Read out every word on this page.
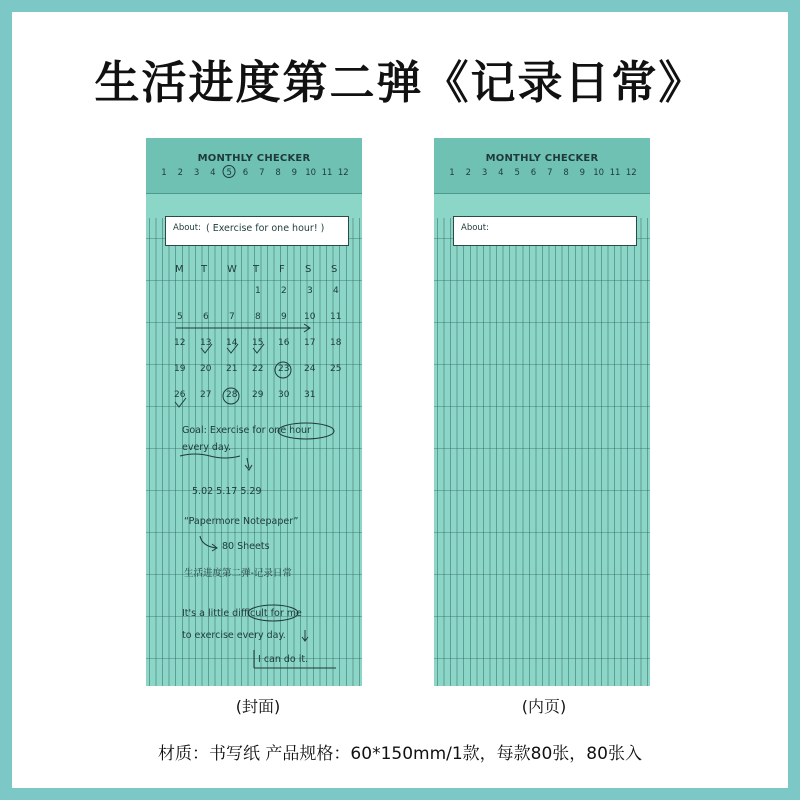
生活进度第二弹《记录日常》
MONTHLY CHECKER
1 2 3 4 5 6 7 8 9 10 11 12
About: ( Exercise for one hour! )
M T W T F S S
1 2 3 4
5 6 7 8 9 10 11
12 13 14 15 16 17 18
19 20 21 22 23 24 25
26 27 28 29 30 31
Goal: Exercise for one hour
every day.
5.02 5.17 5.29
“Papermore Notepaper”
80 Sheets
生活进度第二弹-记录日常
It's a little difficult for me
to exercise every day.
I can do it.
MONTHLY CHECKER
1 2 3 4 5 6 7 8 9 10 11 12
About:
(封面)	(内页)
材质：书写纸 产品规格：60*150mm/1款，每款80张，80张入
